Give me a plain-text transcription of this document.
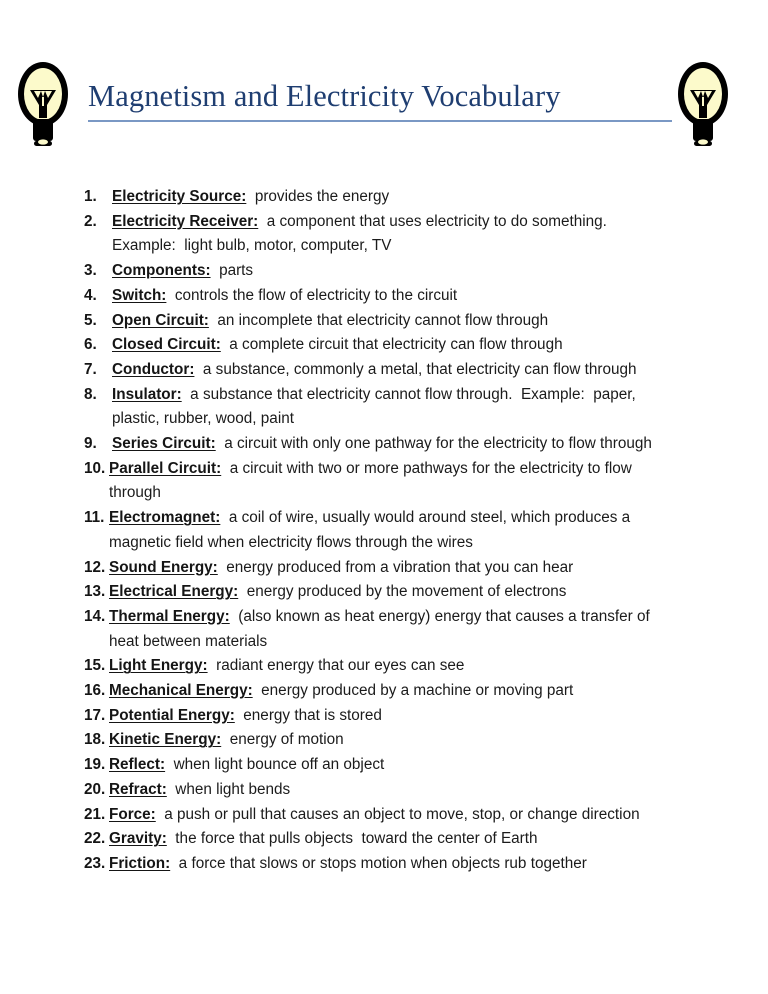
Magnetism and Electricity Vocabulary
1. Electricity Source:  provides the energy
2. Electricity Receiver:  a component that uses electricity to do something.  Example:  light bulb, motor, computer, TV
3. Components:  parts
4. Switch:  controls the flow of electricity to the circuit
5. Open Circuit:  an incomplete that electricity cannot flow through
6. Closed Circuit:  a complete circuit that electricity can flow through
7. Conductor:  a substance, commonly a metal, that electricity can flow through
8. Insulator:  a substance that electricity cannot flow through.  Example:  paper, plastic, rubber, wood, paint
9. Series Circuit:  a circuit with only one pathway for the electricity to flow through
10. Parallel Circuit:  a circuit with two or more pathways for the electricity to flow through
11. Electromagnet:  a coil of wire, usually would around steel, which produces a magnetic field when electricity flows through the wires
12. Sound Energy:  energy produced from a vibration that you can hear
13. Electrical Energy:  energy produced by the movement of electrons
14. Thermal Energy:  (also known as heat energy) energy that causes a transfer of heat between materials
15. Light Energy:  radiant energy that our eyes can see
16. Mechanical Energy:  energy produced by a machine or moving part
17. Potential Energy:  energy that is stored
18. Kinetic Energy:  energy of motion
19. Reflect:  when light bounce off an object
20. Refract:  when light bends
21. Force:  a push or pull that causes an object to move, stop, or change direction
22. Gravity:  the force that pulls objects  toward the center of Earth
23. Friction:  a force that slows or stops motion when objects rub together
